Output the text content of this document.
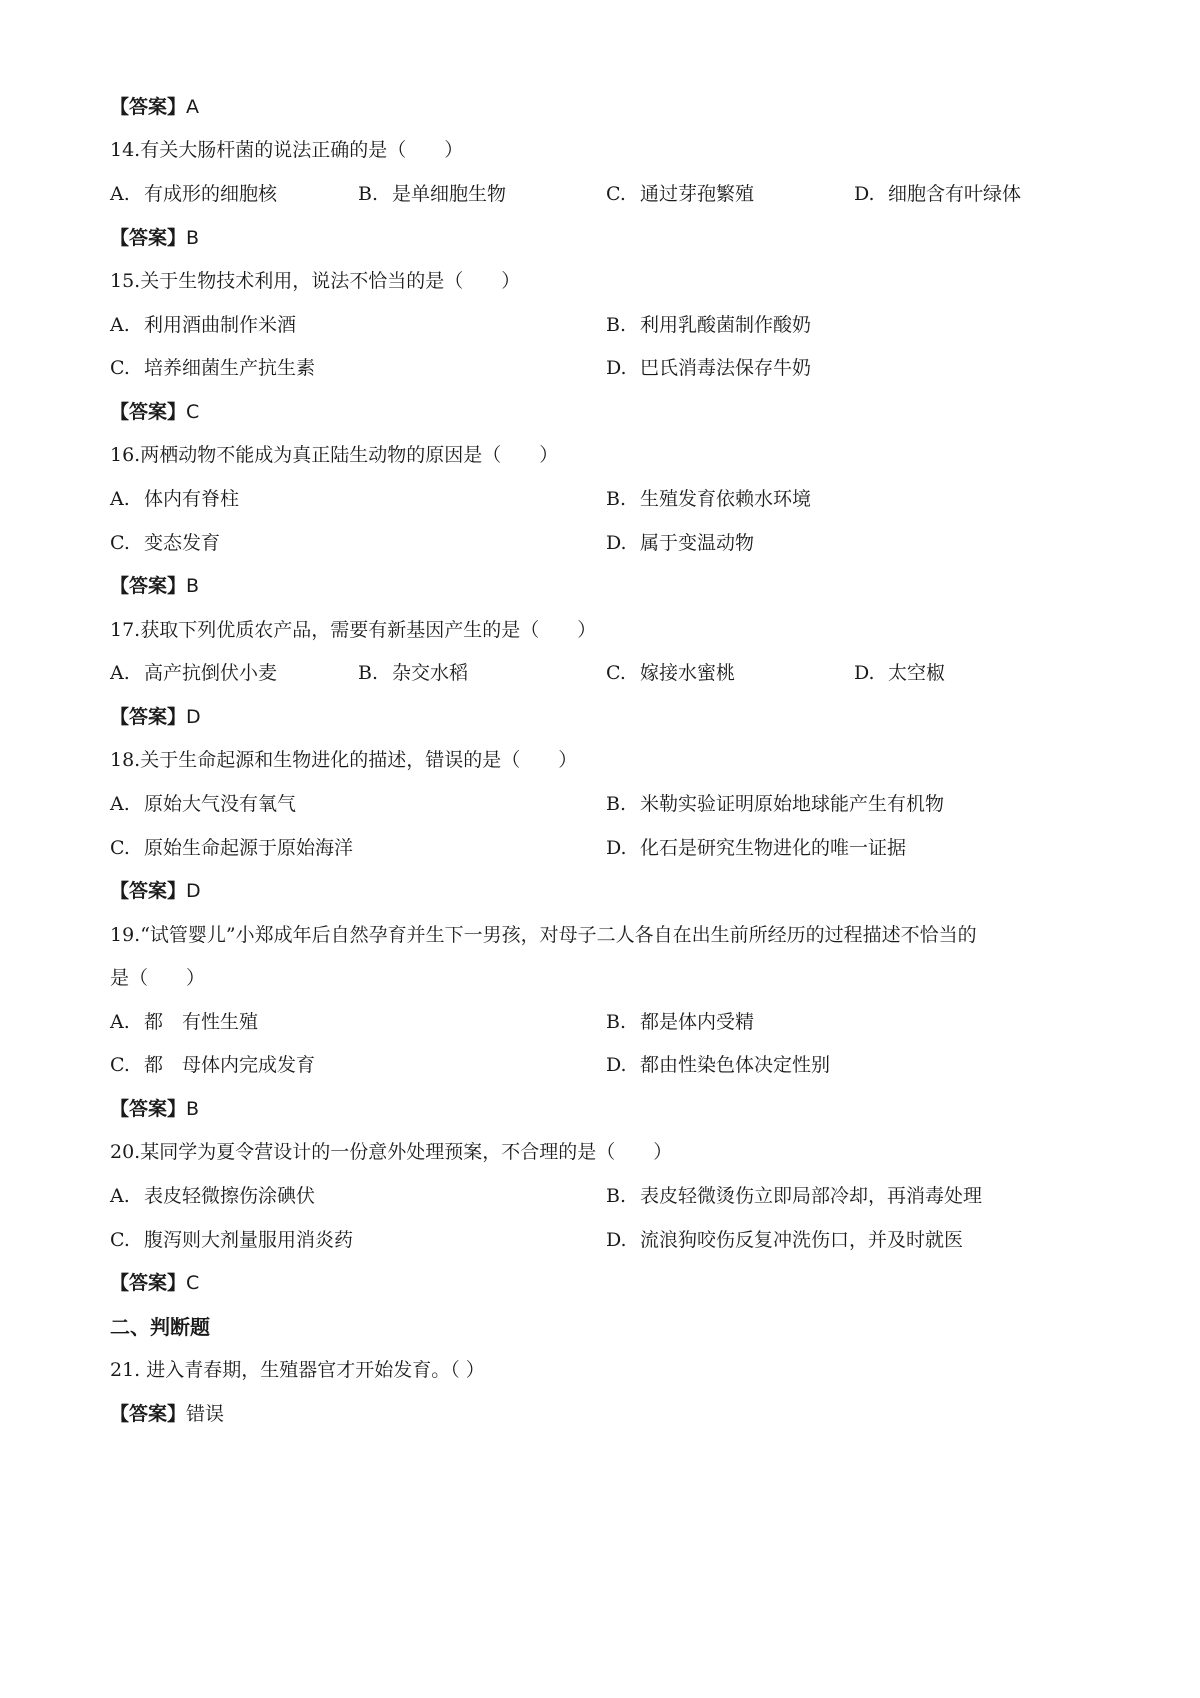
【答案】A
14.有关大肠杆菌的说法正确的是（　　）
A. 有成形的细胞核	B. 是单细胞生物	C. 通过芽孢繁殖	D. 细胞含有叶绿体
【答案】B
15.关于生物技术利用，说法不恰当的是（　　）
A. 利用酒曲制作米酒	B. 利用乳酸菌制作酸奶
C. 培养细菌生产抗生素	D. 巴氏消毒法保存牛奶
【答案】C
16.两栖动物不能成为真正陆生动物的原因是（　　）
A. 体内有脊柱	B. 生殖发育依赖水环境
C. 变态发育	D. 属于变温动物
【答案】B
17.获取下列优质农产品，需要有新基因产生的是（　　）
A. 高产抗倒伏小麦	B. 杂交水稻	C. 嫁接水蜜桃	D. 太空椒
【答案】D
18.关于生命起源和生物进化的描述，错误的是（　　）
A. 原始大气没有氧气	B. 米勒实验证明原始地球能产生有机物
C. 原始生命起源于原始海洋	D. 化石是研究生物进化的唯一证据
【答案】D
19.“试管婴儿”小郑成年后自然孕育并生下一男孩，对母子二人各自在出生前所经历的过程描述不恰当的
是（　　）
A. 都　有性生殖	B. 都是体内受精
C. 都　母体内完成发育	D. 都由性染色体决定性别
【答案】B
20.某同学为夏令营设计的一份意外处理预案，不合理的是（　　）
A. 表皮轻微擦伤涂碘伏	B. 表皮轻微烫伤立即局部冷却，再消毒处理
C. 腹泻则大剂量服用消炎药	D. 流浪狗咬伤反复冲洗伤口，并及时就医
【答案】C
二、判断题
21. 进入青春期，生殖器官才开始发育。（ ）
【答案】错误
